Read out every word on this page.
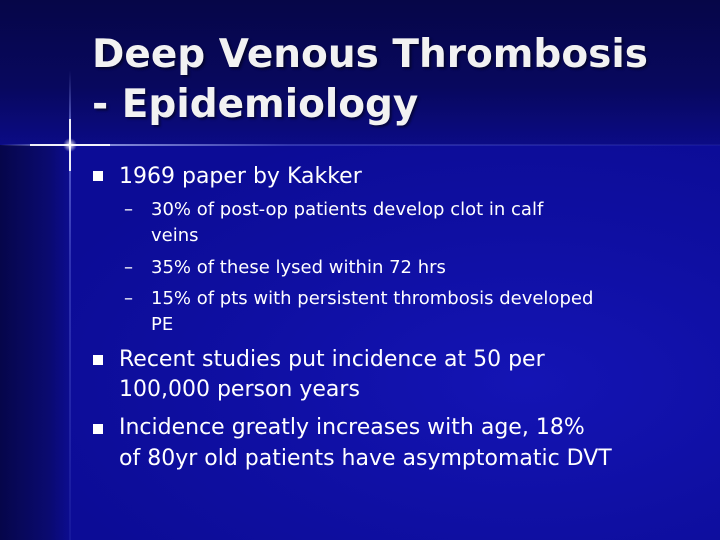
Deep Venous Thrombosis
- Epidemiology
1969 paper by Kakker
– 30% of post-op patients develop clot in calf
veins
– 35% of these lysed within 72 hrs
– 15% of pts with persistent thrombosis developed
PE
Recent studies put incidence at 50 per
100,000 person years
Incidence greatly increases with age, 18%
of 80yr old patients have asymptomatic DVT
